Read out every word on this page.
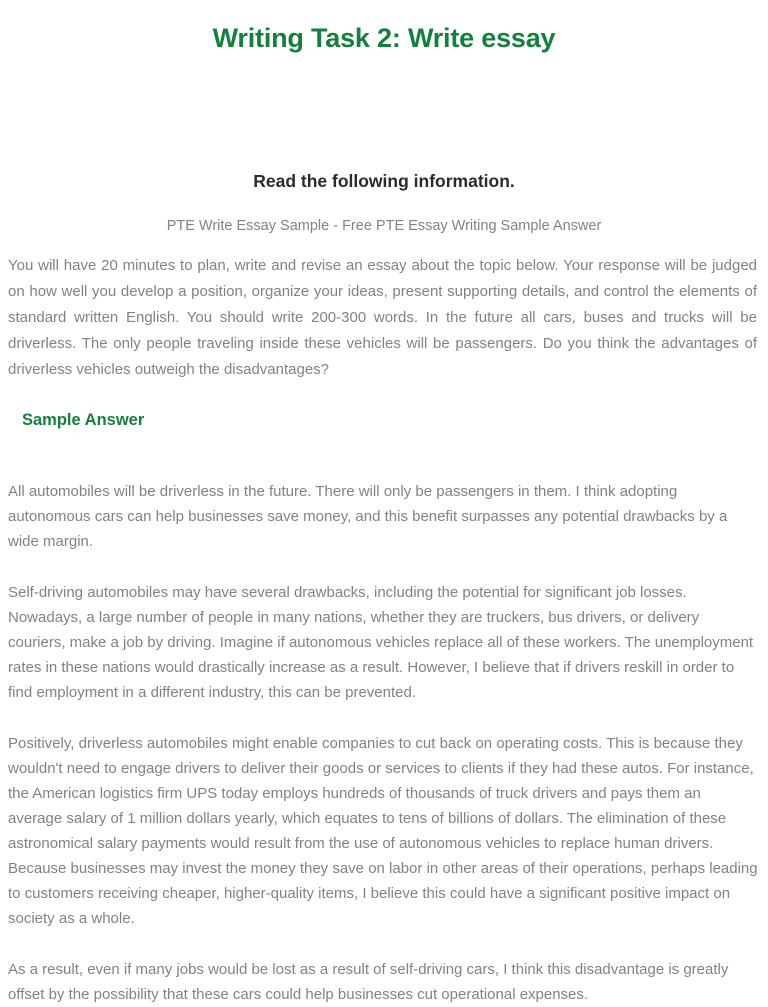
Writing Task 2: Write essay
Read the following information.

PTE Write Essay Sample - Free PTE Essay Writing Sample Answer

You will have 20 minutes to plan, write and revise an essay about the topic below. Your response will be judged on how well you develop a position, organize your ideas, present supporting details, and control the elements of standard written English. You should write 200-300 words. In the future all cars, buses and trucks will be driverless. The only people traveling inside these vehicles will be passengers. Do you think the advantages of driverless vehicles outweigh the disadvantages?

Sample Answer

All automobiles will be driverless in the future. There will only be passengers in them. I think adopting autonomous cars can help businesses save money, and this benefit surpasses any potential drawbacks by a wide margin.

Self-driving automobiles may have several drawbacks, including the potential for significant job losses. Nowadays, a large number of people in many nations, whether they are truckers, bus drivers, or delivery couriers, make a job by driving. Imagine if autonomous vehicles replace all of these workers. The unemployment rates in these nations would drastically increase as a result. However, I believe that if drivers reskill in order to find employment in a different industry, this can be prevented.

Positively, driverless automobiles might enable companies to cut back on operating costs. This is because they wouldn't need to engage drivers to deliver their goods or services to clients if they had these autos. For instance, the American logistics firm UPS today employs hundreds of thousands of truck drivers and pays them an average salary of 1 million dollars yearly, which equates to tens of billions of dollars. The elimination of these astronomical salary payments would result from the use of autonomous vehicles to replace human drivers. Because businesses may invest the money they save on labor in other areas of their operations, perhaps leading to customers receiving cheaper, higher-quality items, I believe this could have a significant positive impact on society as a whole.

As a result, even if many jobs would be lost as a result of self-driving cars, I think this disadvantage is greatly offset by the possibility that these cars could help businesses cut operational expenses.
